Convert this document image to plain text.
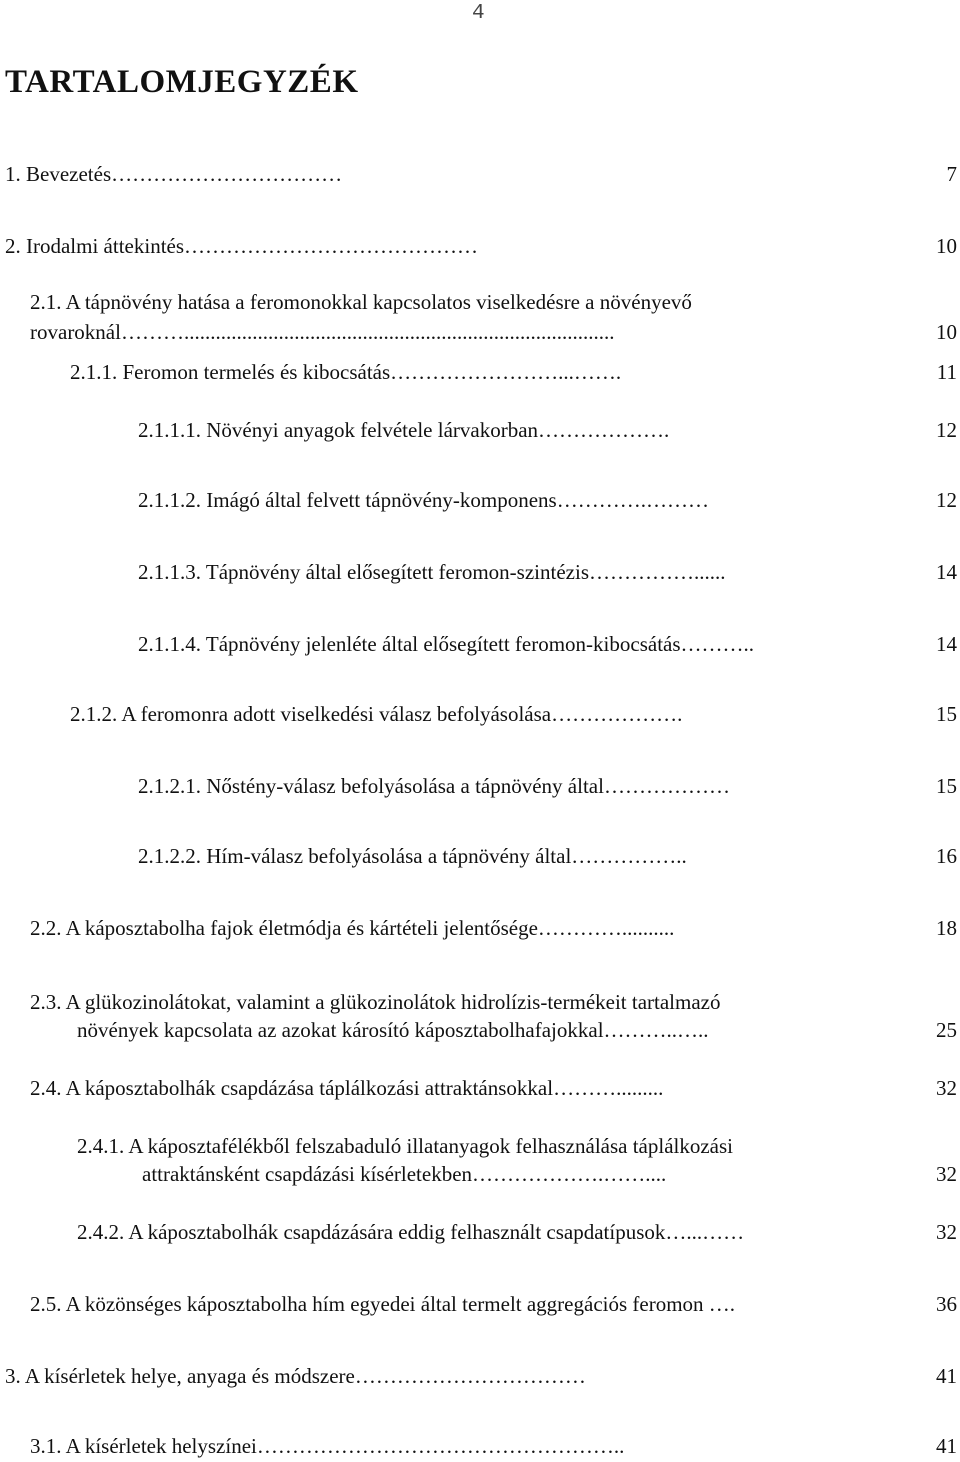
4
TARTALOMJEGYZÉK
1. Bevezetés……………………………	7
2. Irodalmi áttekintés……………………………………	10
2.1. A tápnövény hatása a feromonokkal kapcsolatos viselkedésre a növényevő
rovaroknál………..................................................................................	10
2.1.1. Feromon termelés és kibocsátás……………………...…….	11
2.1.1.1. Növényi anyagok felvétele lárvakorban……………….	12
2.1.1.2. Imágó által felvett tápnövény-komponens………….………	12
2.1.1.3. Tápnövény által elősegített feromon-szintézis……………......	14
2.1.1.4. Tápnövény jelenléte által elősegített feromon-kibocsátás………..	14
2.1.2. A feromonra adott viselkedési válasz befolyásolása……………….	15
2.1.2.1. Nőstény-válasz befolyásolása a tápnövény által………………	15
2.1.2.2. Hím-válasz befolyásolása a tápnövény által……………..	16
2.2. A káposztabolha fajok életmódja és kártételi jelentősége…………..........	18
2.3. A glükozinolátokat, valamint a glükozinolátok hidrolízis-termékeit tartalmazó
növények kapcsolata az azokat károsító káposztabolhafajokkal………..…..	25
2.4. A káposztabolhák csapdázása táplálkozási attraktánsokkal……….........	32
2.4.1. A káposztafélékből felszabaduló illatanyagok felhasználása táplálkozási
attraktánsként csapdázási kísérletekben……………….……....	32
2.4.2. A káposztabolhák csapdázására eddig felhasznált csapdatípusok…...……	32
2.5. A közönséges káposztabolha hím egyedei által termelt aggregációs feromon ….	36
3. A kísérletek helye, anyaga és módszere……………………………	41
3.1. A kísérletek helyszínei……………………………………………..	41
